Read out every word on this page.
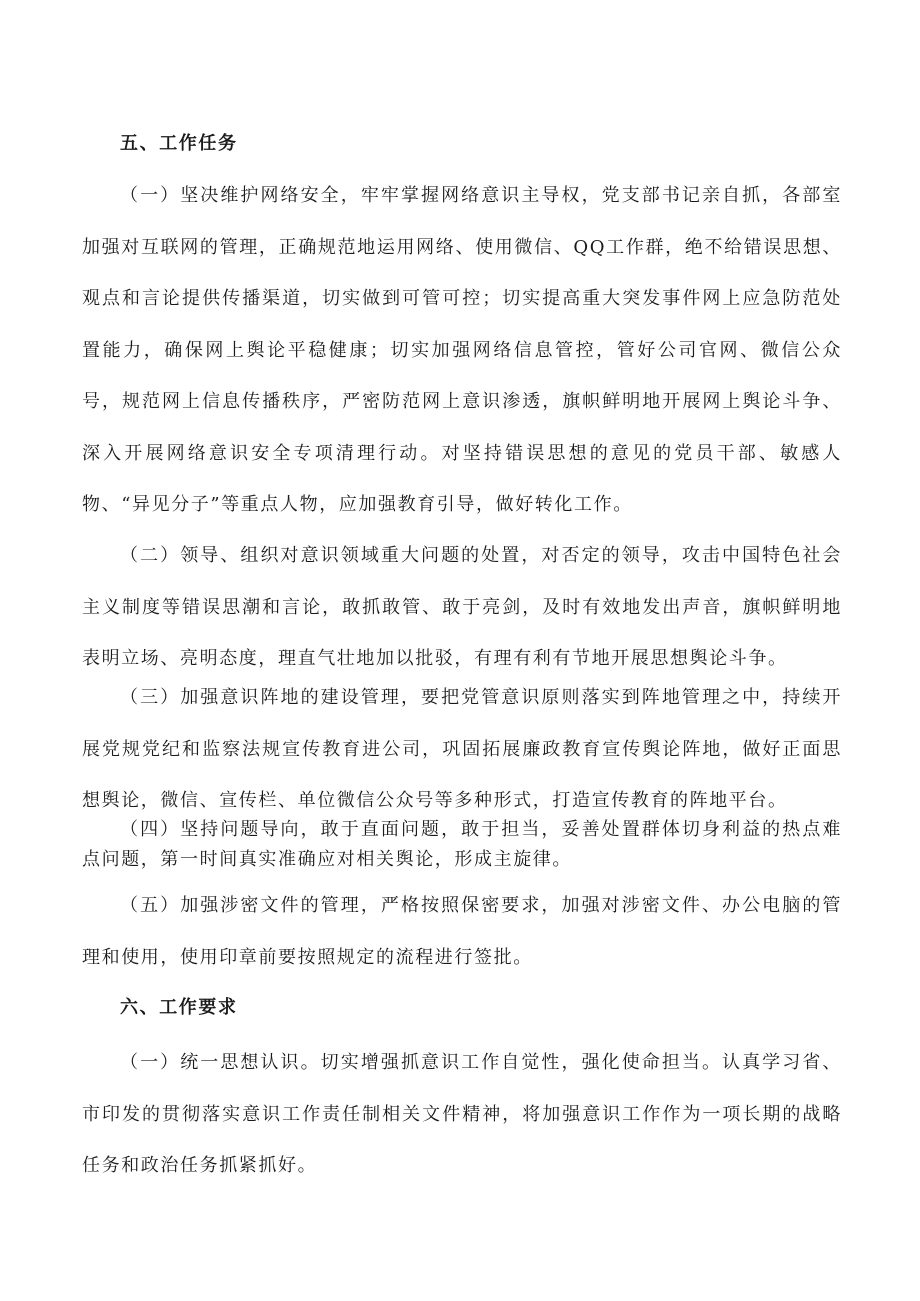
五、工作任务

（一）坚决维护网络安全，牢牢掌握网络意识主导权，党支部书记亲自抓，各部室加强对互联网的管理，正确规范地运用网络、使用微信、QQ工作群，绝不给错误思想、观点和言论提供传播渠道，切实做到可管可控；切实提高重大突发事件网上应急防范处置能力，确保网上舆论平稳健康；切实加强网络信息管控，管好公司官网、微信公众号，规范网上信息传播秩序，严密防范网上意识渗透，旗帜鲜明地开展网上舆论斗争、深入开展网络意识安全专项清理行动。对坚持错误思想的意见的党员干部、敏感人物、“异见分子”等重点人物，应加强教育引导，做好转化工作。

（二）领导、组织对意识领域重大问题的处置，对否定的领导，攻击中国特色社会主义制度等错误思潮和言论，敢抓敢管、敢于亮剑，及时有效地发出声音，旗帜鲜明地表明立场、亮明态度，理直气壮地加以批驳，有理有利有节地开展思想舆论斗争。

（三）加强意识阵地的建设管理，要把党管意识原则落实到阵地管理之中，持续开展党规党纪和监察法规宣传教育进公司，巩固拓展廉政教育宣传舆论阵地，做好正面思想舆论，微信、宣传栏、单位微信公众号等多种形式，打造宣传教育的阵地平台。

（四）坚持问题导向，敢于直面问题，敢于担当，妥善处置群体切身利益的热点难点问题，第一时间真实准确应对相关舆论，形成主旋律。

（五）加强涉密文件的管理，严格按照保密要求，加强对涉密文件、办公电脑的管理和使用，使用印章前要按照规定的流程进行签批。

六、工作要求

（一）统一思想认识。切实增强抓意识工作自觉性，强化使命担当。认真学习省、市印发的贯彻落实意识工作责任制相关文件精神，将加强意识工作作为一项长期的战略任务和政治任务抓紧抓好。
